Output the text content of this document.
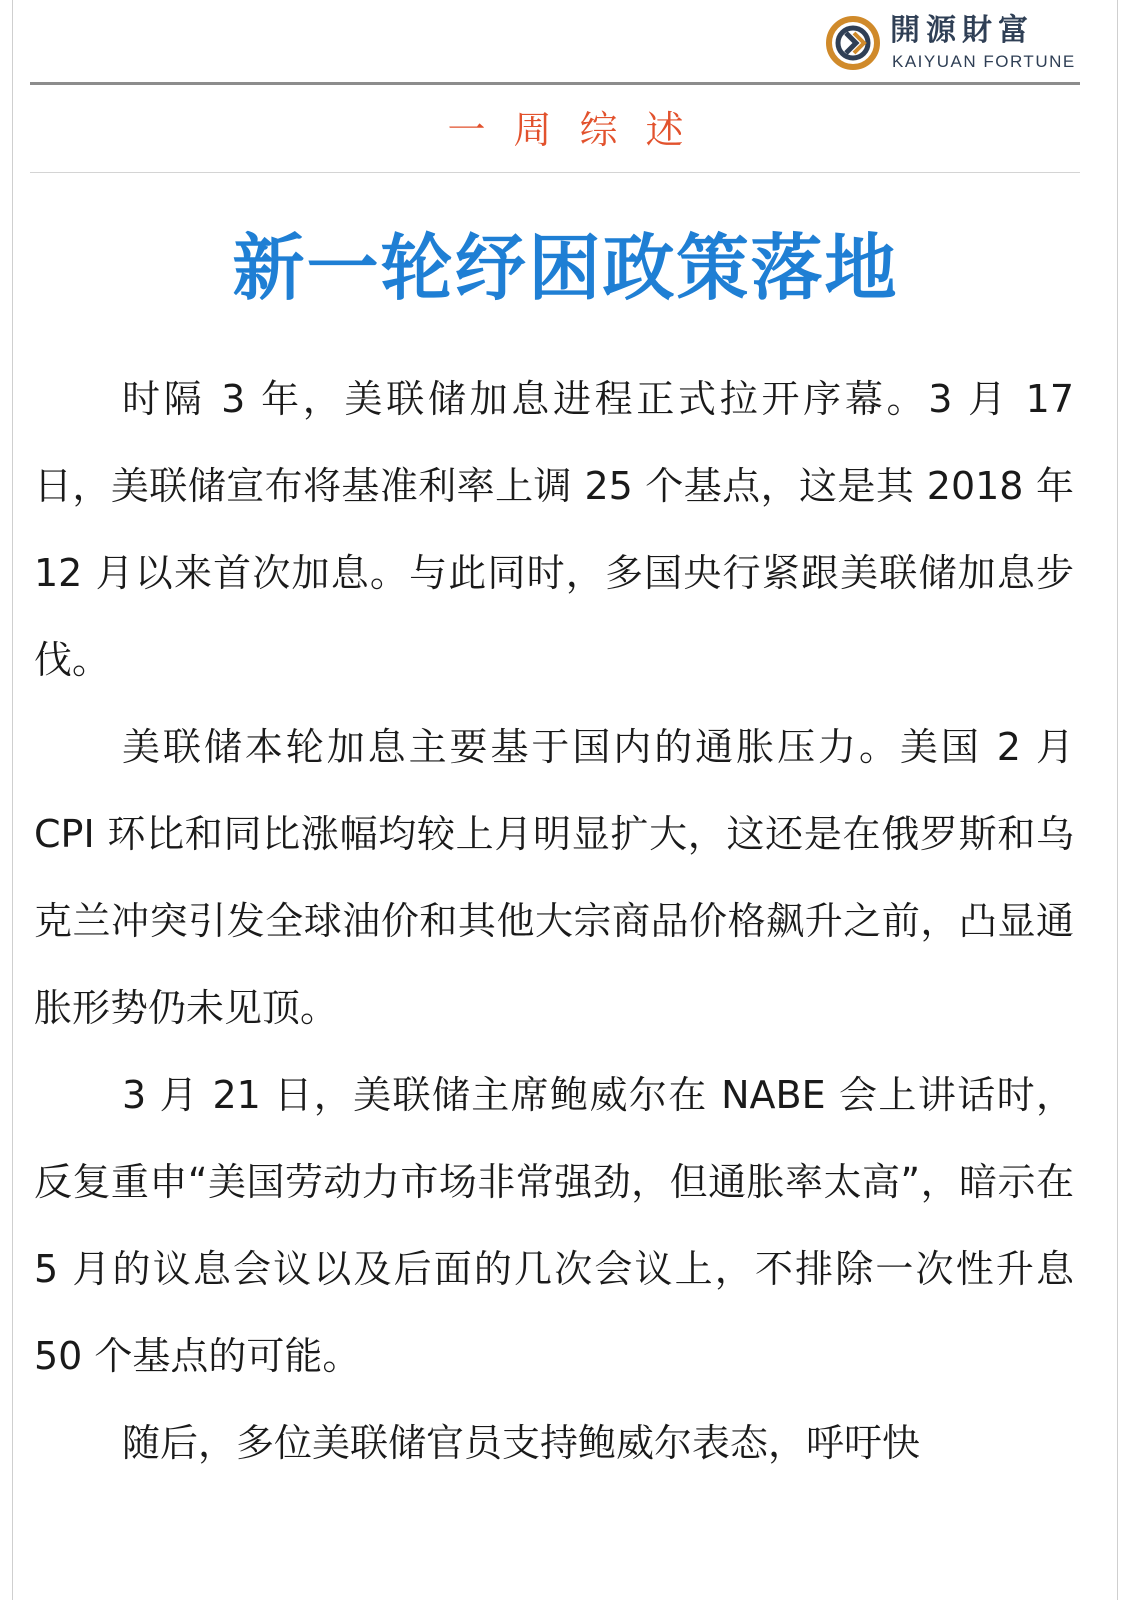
開源財富
KAIYUAN FORTUNE
一周综述
新一轮纾困政策落地

时隔 3 年，美联储加息进程正式拉开序幕。3 月 17 日，美联储宣布将基准利率上调 25 个基点，这是其 2018 年 12 月以来首次加息。与此同时，多国央行紧跟美联储加息步伐。

美联储本轮加息主要基于国内的通胀压力。美国 2 月 CPI 环比和同比涨幅均较上月明显扩大，这还是在俄罗斯和乌克兰冲突引发全球油价和其他大宗商品价格飙升之前，凸显通胀形势仍未见顶。

3 月 21 日，美联储主席鲍威尔在 NABE 会上讲话时，反复重申“美国劳动力市场非常强劲，但通胀率太高”，暗示在 5 月的议息会议以及后面的几次会议上，不排除一次性升息 50 个基点的可能。

随后，多位美联储官员支持鲍威尔表态，呼吁快
